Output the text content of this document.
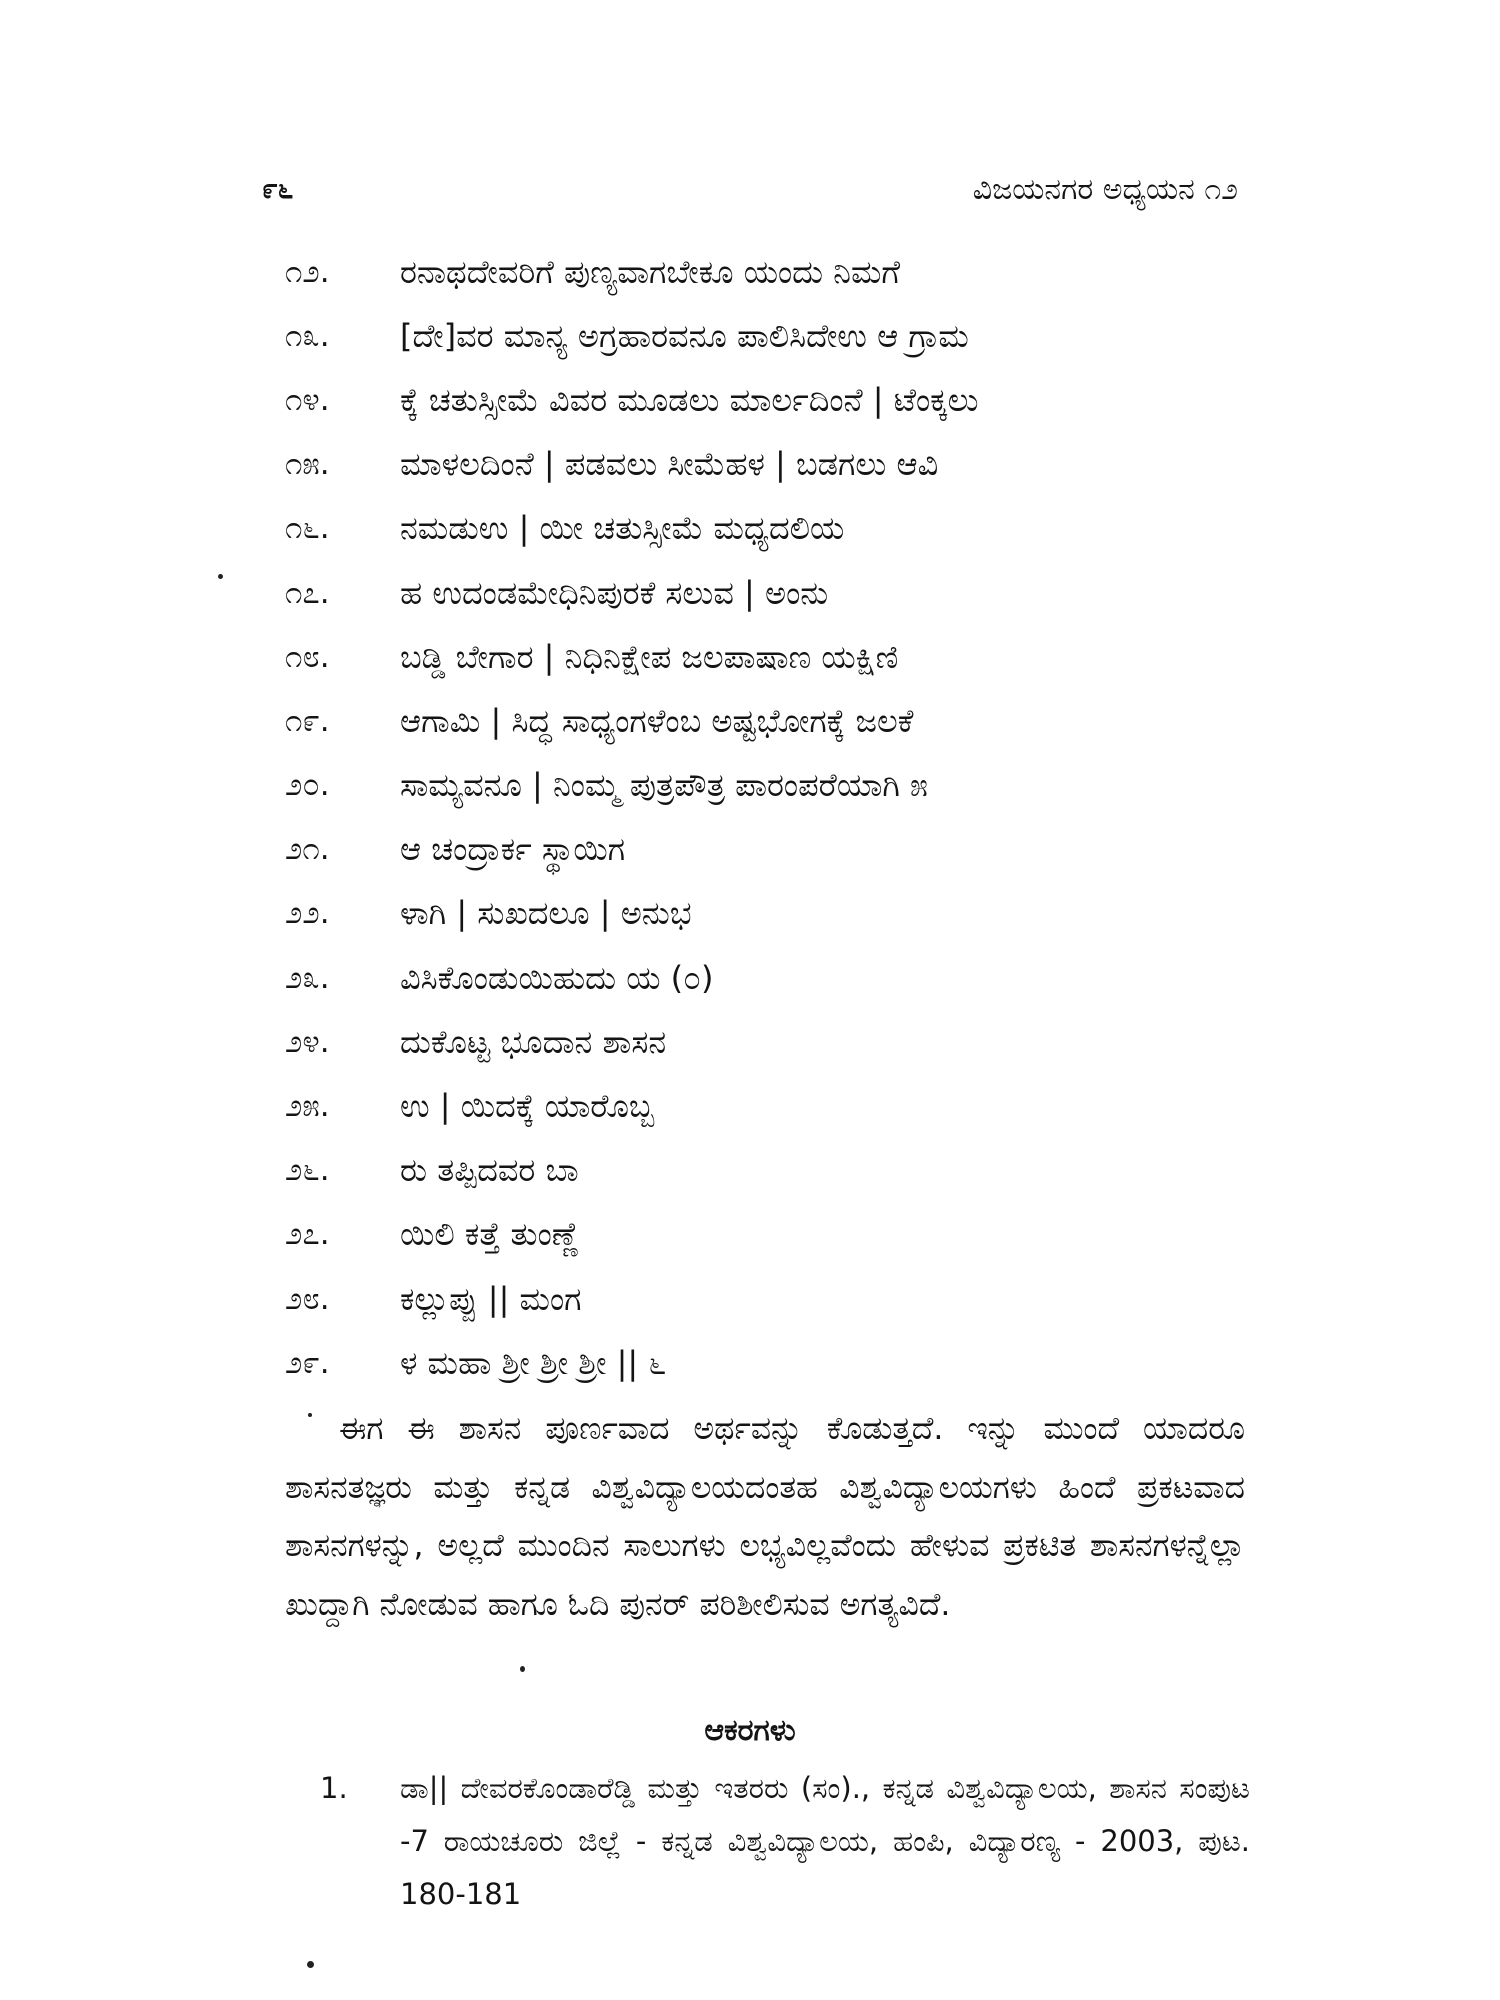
೯೬	ವಿಜಯನಗರ ಅಧ್ಯಯನ ೧೨
೧೨.	ರನಾಥದೇವರಿಗೆ ಪುಣ್ಯವಾಗಬೇಕೂ ಯಂದು ನಿಮಗೆ
೧೩.	[ದೇ]ವರ ಮಾನ್ಯ ಅಗ್ರಹಾರವನೂ ಪಾಲಿಸಿದೇಉ ಆ ಗ್ರಾಮ
೧೪.	ಕ್ಕೆ ಚತುಸ್ಸೀಮೆ ವಿವರ ಮೂಡಲು ಮಾರ್ಲದಿಂನೆ | ಟೆಂಕ್ಕಲು
೧೫.	ಮಾಳಲದಿಂನೆ | ಪಡವಲು ಸೀಮೆಹಳ | ಬಡಗಲು ಆವಿ
೧೬.	ನಮಡುಉ | ಯೀ ಚತುಸ್ಸೀಮೆ ಮಧ್ಯದಲಿಯ
೧೭.	ಹ ಉದಂಡಮೇಧಿನಿಪುರಕೆ ಸಲುವ | ಅಂನು
೧೮.	ಬಡ್ಡಿ ಬೇಗಾರ | ನಿಧಿನಿಕ್ಷೇಪ ಜಲಪಾಷಾಣ ಯಕ್ಷಿಣಿ
೧೯.	ಆಗಾಮಿ | ಸಿದ್ಧ ಸಾಧ್ಯಂಗಳೆಂಬ ಅಷ್ಟಭೋಗಕ್ಕೆ ಜಲಕೆ
೨೦.	ಸಾಮ್ಯವನೂ | ನಿಂಮ್ಮ ಪುತ್ರಪೌತ್ರ ಪಾರಂಪರೆಯಾಗಿ ೫
೨೧.	ಆ ಚಂದ್ರಾರ್ಕ ಸ್ಥಾಯಿಗ
೨೨.	ಳಾಗಿ | ಸುಖದಲೂ | ಅನುಭ
೨೩.	ವಿಸಿಕೊಂಡುಯಿಹುದು ಯ (೦)
೨೪.	ದುಕೊಟ್ಟ ಭೂದಾನ ಶಾಸನ
೨೫.	ಉ | ಯಿದಕ್ಕೆ ಯಾರೊಬ್ಬ
೨೬.	ರು ತಪ್ಪಿದವರ ಬಾ
೨೭.	ಯಿಲಿ ಕತ್ತೆ ತುಂಣ್ಣೆ
೨೮.	ಕಲ್ಲುಪ್ಪು || ಮಂಗ
೨೯.	ಳ ಮಹಾ ಶ್ರೀ ಶ್ರೀ ಶ್ರೀ || ೬

ಈಗ ಈ ಶಾಸನ ಪೂರ್ಣವಾದ ಅರ್ಥವನ್ನು ಕೊಡುತ್ತದೆ. ಇನ್ನು ಮುಂದೆ ಯಾದರೂ ಶಾಸನತಜ್ಞರು ಮತ್ತು ಕನ್ನಡ ವಿಶ್ವವಿದ್ಯಾಲಯದಂತಹ ವಿಶ್ವವಿದ್ಯಾಲಯಗಳು ಹಿಂದೆ ಪ್ರಕಟವಾದ ಶಾಸನಗಳನ್ನು, ಅಲ್ಲದೆ ಮುಂದಿನ ಸಾಲುಗಳು ಲಭ್ಯವಿಲ್ಲವೆಂದು ಹೇಳುವ ಪ್ರಕಟಿತ ಶಾಸನಗಳನ್ನೆಲ್ಲಾ ಖುದ್ದಾಗಿ ನೋಡುವ ಹಾಗೂ ಓದಿ ಪುನರ್ ಪರಿಶೀಲಿಸುವ ಅಗತ್ಯವಿದೆ.

ಆಕರಗಳು
1.	ಡಾ|| ದೇವರಕೊಂಡಾರೆಡ್ಡಿ ಮತ್ತು ಇತರರು (ಸಂ)., ಕನ್ನಡ ವಿಶ್ವವಿದ್ಯಾಲಯ, ಶಾಸನ ಸಂಪುಟ -7 ರಾಯಚೂರು ಜಿಲ್ಲೆ - ಕನ್ನಡ ವಿಶ್ವವಿದ್ಯಾಲಯ, ಹಂಪಿ, ವಿದ್ಯಾರಣ್ಯ - 2003, ಪುಟ. 180-181
